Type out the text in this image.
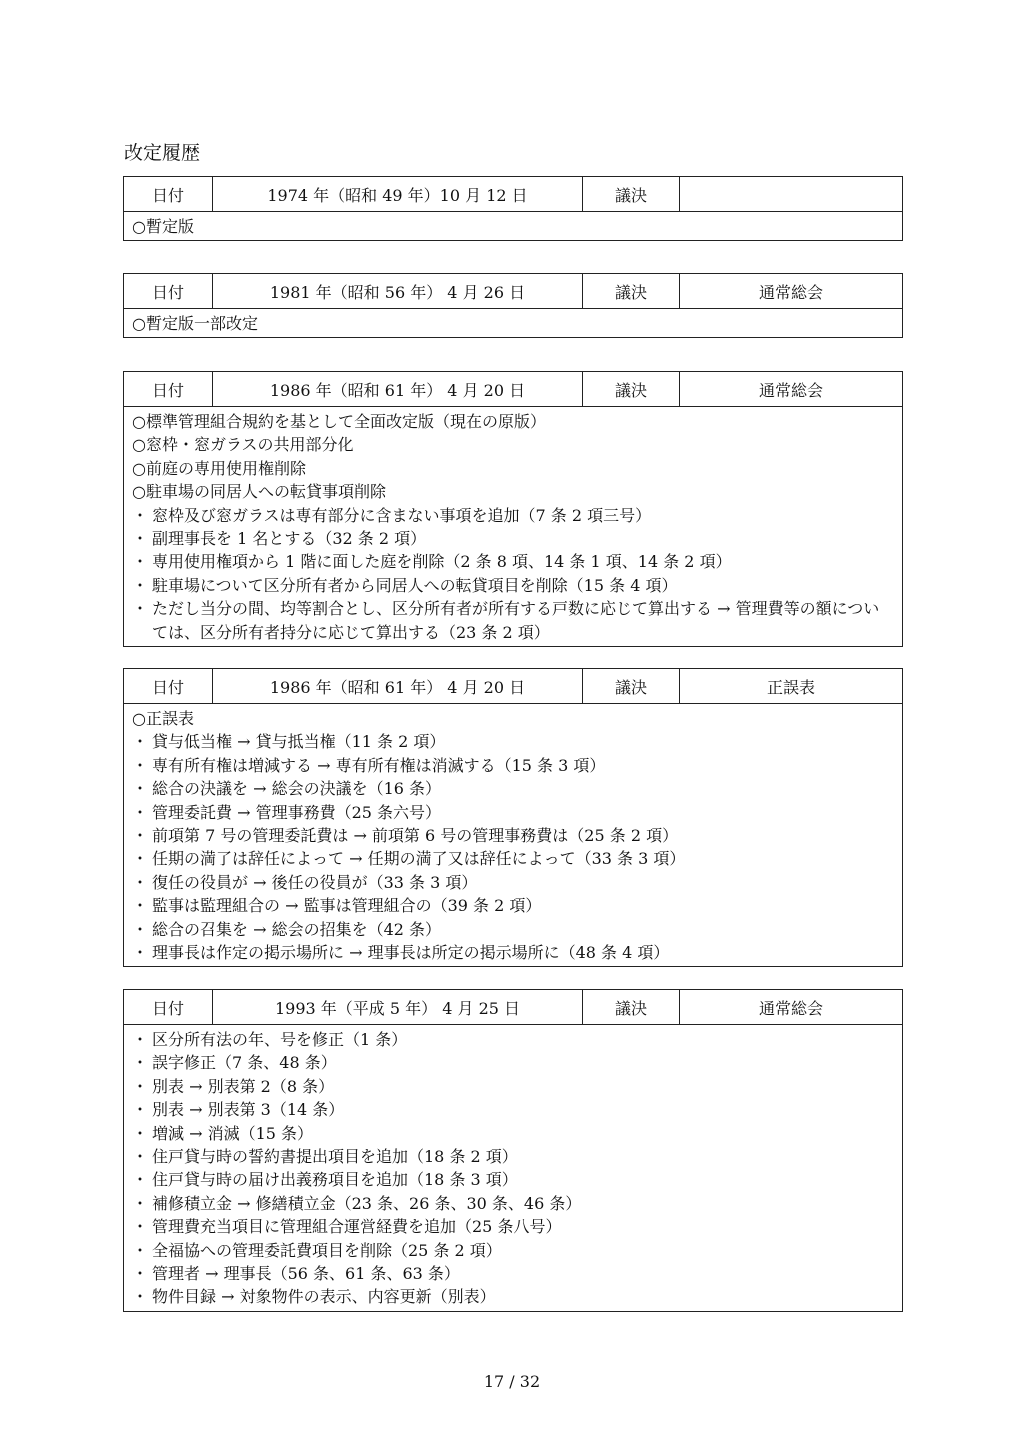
改定履歴
日付	1974 年（昭和 49 年）10 月 12 日	議決
○暫定版
日付	1981 年（昭和 56 年） 4 月 26 日	議決	通常総会
○暫定版一部改定
日付	1986 年（昭和 61 年） 4 月 20 日	議決	通常総会
○標準管理組合規約を基として全面改定版（現在の原版）
○窓枠・窓ガラスの共用部分化
○前庭の専用使用権削除
○駐車場の同居人への転貸事項削除
・ 窓枠及び窓ガラスは専有部分に含まない事項を追加（7 条 2 項三号）
・ 副理事長を 1 名とする（32 条 2 項）
・ 専用使用権項から 1 階に面した庭を削除（2 条 8 項、14 条 1 項、14 条 2 項）
・ 駐車場について区分所有者から同居人への転貸項目を削除（15 条 4 項）
・ ただし当分の間、均等割合とし、区分所有者が所有する戸数に応じて算出する → 管理費等の額については、区分所有者持分に応じて算出する（23 条 2 項）
日付	1986 年（昭和 61 年） 4 月 20 日	議決	正誤表
○正誤表
・ 貸与低当権 → 貸与抵当権（11 条 2 項）
・ 専有所有権は増減する → 専有所有権は消滅する（15 条 3 項）
・ 総合の決議を → 総会の決議を（16 条）
・ 管理委託費 → 管理事務費（25 条六号）
・ 前項第 7 号の管理委託費は → 前項第 6 号の管理事務費は（25 条 2 項）
・ 任期の満了は辞任によって → 任期の満了又は辞任によって（33 条 3 項）
・ 復任の役員が → 後任の役員が（33 条 3 項）
・ 監事は監理組合の → 監事は管理組合の（39 条 2 項）
・ 総合の召集を → 総会の招集を（42 条）
・ 理事長は作定の掲示場所に → 理事長は所定の掲示場所に（48 条 4 項）
日付	1993 年（平成 5 年） 4 月 25 日	議決	通常総会
・ 区分所有法の年、号を修正（1 条）
・ 誤字修正（7 条、48 条）
・ 別表 → 別表第 2（8 条）
・ 別表 → 別表第 3（14 条）
・ 増減 → 消滅（15 条）
・ 住戸貸与時の誓約書提出項目を追加（18 条 2 項）
・ 住戸貸与時の届け出義務項目を追加（18 条 3 項）
・ 補修積立金 → 修繕積立金（23 条、26 条、30 条、46 条）
・ 管理費充当項目に管理組合運営経費を追加（25 条八号）
・ 全福協への管理委託費項目を削除（25 条 2 項）
・ 管理者 → 理事長（56 条、61 条、63 条）
・ 物件目録 → 対象物件の表示、内容更新（別表）
17 / 32
